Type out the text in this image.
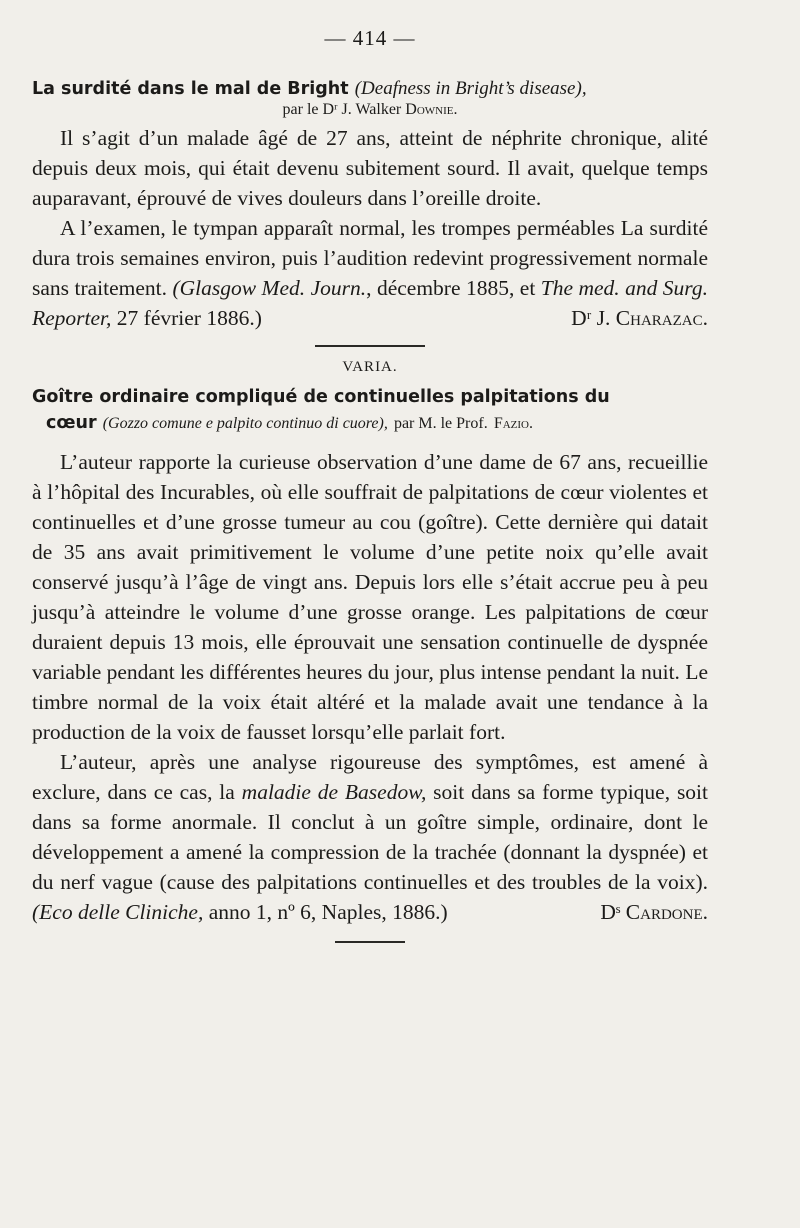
— 414 —

La surdité dans le mal de Bright (Deafness in Bright’s disease),

par le Dʳ J. Walker Downie.

Il s’agit d’un malade âgé de 27 ans, atteint de néphrite chronique, alité depuis deux mois, qui était devenu subitement sourd. Il avait, quelque temps auparavant, éprouvé de vives douleurs dans l’oreille droite.

A l’examen, le tympan apparaît normal, les trompes perméables La surdité dura trois semaines environ, puis l’audition redevint progressivement normale sans traitement. (Glasgow Med. Journ., décembre 1885, et The med. and Surg. Reporter, 27 février 1886.)	Dʳ J. Charazac.

VARIA.

Goître ordinaire compliqué de continuelles palpitations du
cœur (Gozzo comune e palpito continuo di cuore), par M. le Prof. Fazio.

L’auteur rapporte la curieuse observation d’une dame de 67 ans, recueillie à l’hôpital des Incurables, où elle souffrait de palpitations de cœur violentes et continuelles et d’une grosse tumeur au cou (goître). Cette dernière qui datait de 35 ans avait primitivement le volume d’une petite noix qu’elle avait conservé jusqu’à l’âge de vingt ans. Depuis lors elle s’était accrue peu à peu jusqu’à atteindre le volume d’une grosse orange. Les palpitations de cœur duraient depuis 13 mois, elle éprouvait une sensation continuelle de dyspnée variable pendant les différentes heures du jour, plus intense pendant la nuit. Le timbre normal de la voix était altéré et la malade avait une tendance à la production de la voix de fausset lorsqu’elle parlait fort.

L’auteur, après une analyse rigoureuse des symptômes, est amené à exclure, dans ce cas, la maladie de Basedow, soit dans sa forme typique, soit dans sa forme anormale. Il conclut à un goître simple, ordinaire, dont le développement a amené la compression de la trachée (donnant la dyspnée) et du nerf vague (cause des palpitations continuelles et des troubles de la voix). (Eco delle Cliniche, anno 1, nº 6, Naples, 1886.)	Dˢ Cardone.
